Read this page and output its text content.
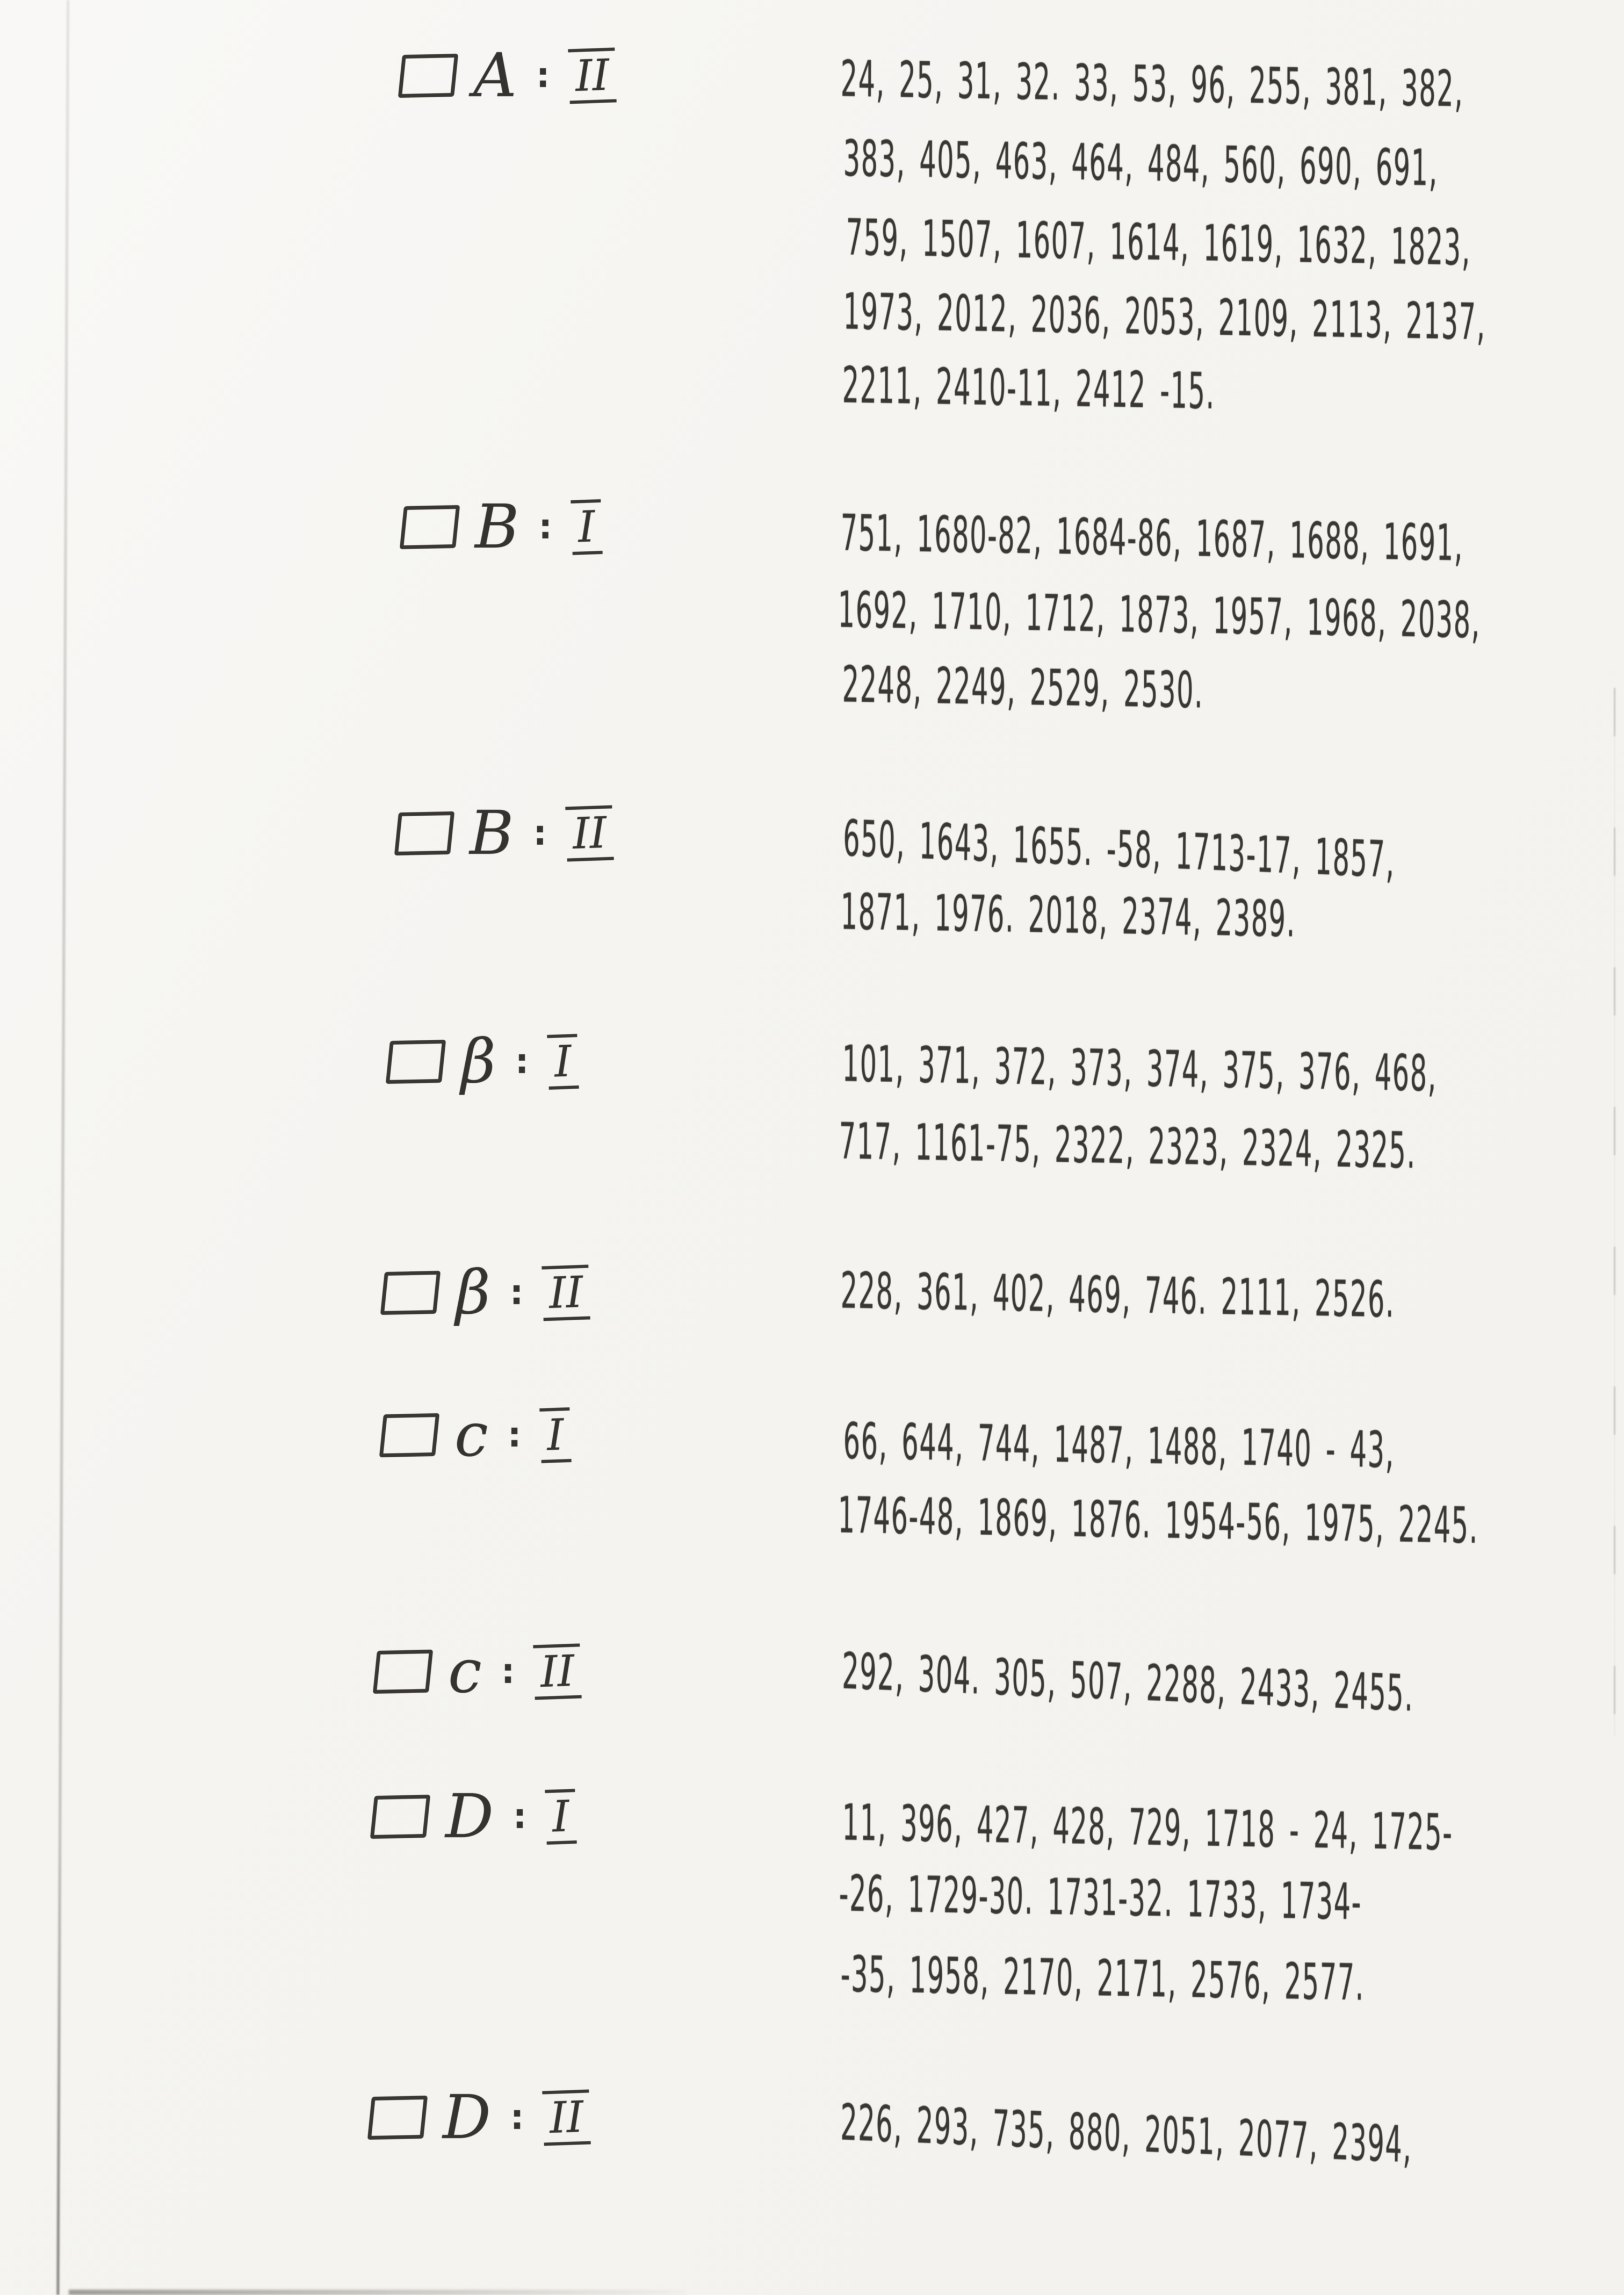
A : II	24, 25, 31, 32. 33, 53, 96, 255, 381, 382,
383, 405, 463, 464, 484, 560, 690, 691,
759, 1507, 1607, 1614, 1619, 1632, 1823,
1973, 2012, 2036, 2053, 2109, 2113, 2137,
2211, 2410-11, 2412 -15.
B : I	751, 1680-82, 1684-86, 1687, 1688, 1691,
1692, 1710, 1712, 1873, 1957, 1968, 2038,
2248, 2249, 2529, 2530.
B : II	650, 1643, 1655. -58, 1713-17, 1857,
1871, 1976. 2018, 2374, 2389.
β : I	101, 371, 372, 373, 374, 375, 376, 468,
717, 1161-75, 2322, 2323, 2324, 2325.
β : II	228, 361, 402, 469, 746. 2111, 2526.
c : I	66, 644, 744, 1487, 1488, 1740 - 43,
1746-48, 1869, 1876. 1954-56, 1975, 2245.
c : II	292, 304. 305, 507, 2288, 2433, 2455.
D : I	11, 396, 427, 428, 729, 1718 - 24, 1725-
-26, 1729-30. 1731-32. 1733, 1734-
-35, 1958, 2170, 2171, 2576, 2577.
D : II	226, 293, 735, 880, 2051, 2077, 2394,
